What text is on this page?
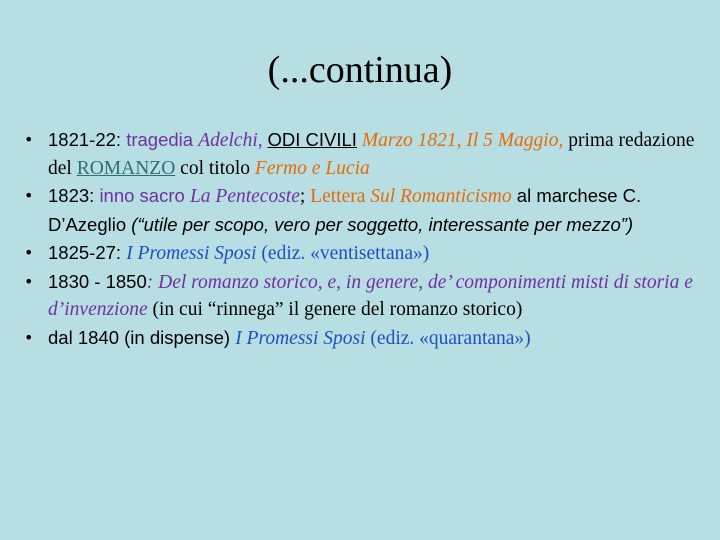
(...continua)
• 1821-22: tragedia Adelchi, ODI CIVILI Marzo 1821, Il 5 Maggio, prima redazione del ROMANZO col titolo Fermo e Lucia
• 1823: inno sacro La Pentecoste; Lettera Sul Romanticismo al marchese C. D’Azeglio (“utile per scopo, vero per soggetto, interessante per mezzo”)
• 1825-27: I Promessi Sposi (ediz. «ventisettana»)
• 1830 - 1850: Del romanzo storico, e, in genere, de’ componimenti misti di storia e d’invenzione (in cui “rinnega” il genere del romanzo storico)
• dal 1840 (in dispense) I Promessi Sposi (ediz. «quarantana»)
